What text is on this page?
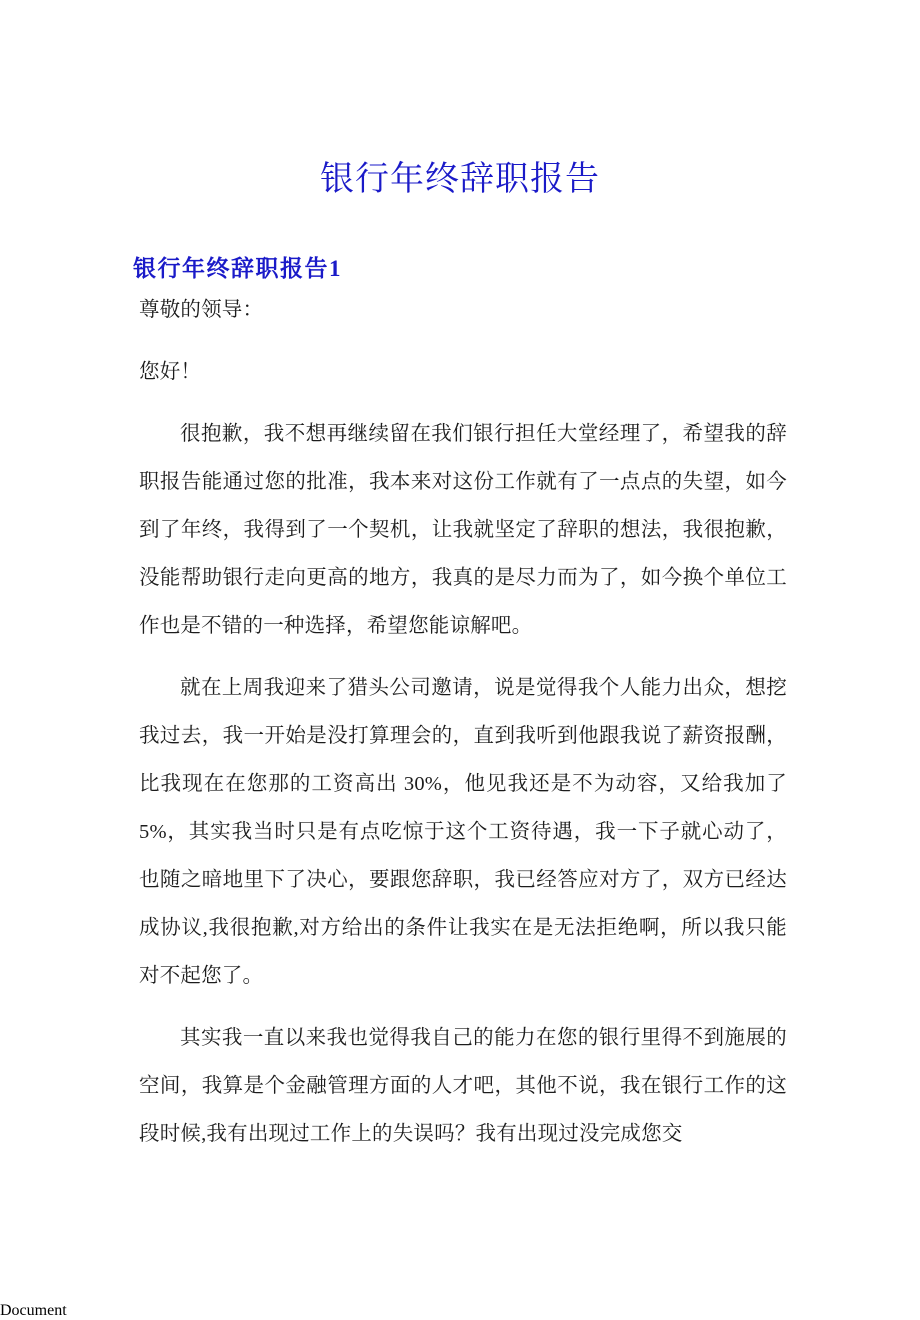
银行年终辞职报告
银行年终辞职报告1

尊敬的领导：

您好！

很抱歉，我不想再继续留在我们银行担任大堂经理了，希望我的辞职报告能通过您的批准，我本来对这份工作就有了一点点的失望，如今到了年终，我得到了一个契机，让我就坚定了辞职的想法，我很抱歉，没能帮助银行走向更高的地方，我真的是尽力而为了，如今换个单位工作也是不错的一种选择，希望您能谅解吧。

就在上周我迎来了猎头公司邀请，说是觉得我个人能力出众，想挖我过去，我一开始是没打算理会的，直到我听到他跟我说了薪资报酬，比我现在在您那的工资高出 30%，他见我还是不为动容，又给我加了 5%，其实我当时只是有点吃惊于这个工资待遇，我一下子就心动了，也随之暗地里下了决心，要跟您辞职，我已经答应对方了，双方已经达成协议,我很抱歉,对方给出的条件让我实在是无法拒绝啊，所以我只能对不起您了。

其实我一直以来我也觉得我自己的能力在您的银行里得不到施展的空间，我算是个金融管理方面的人才吧，其他不说，我在银行工作的这段时候,我有出现过工作上的失误吗？我有出现过没完成您交

Document
